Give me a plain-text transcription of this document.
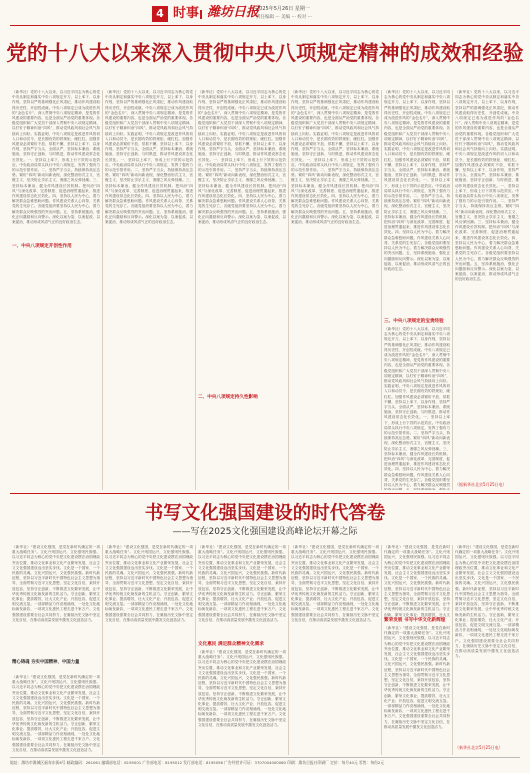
4 时事 潍坊日报
2025年5月26日 星期一
责任编辑 ··· 美编 ··· 校对 ···
党的十八大以来深入贯彻中央八项规定精神的成效和经验
（新华社）党的十八大以来，以习近平同志为核心的党中央从制定和落实中央八项规定开刀，以上率下、以身作则，坚持以严的基调强化正风肃纪，推动作风建设取得历史性、开创性成就。中央八项规定已成为改进作风的“金色名片”，深入贯彻中央八项规定精神，是党的作风建设的重要内容，也是全面从严治党的重要体现。各级党组织和广大党员干部深入贯彻中央八项规定精神，以钉钉子精神纠治“四风”，推动党风政风和社会风气持续向上向好。实践证明，中央八项规定是改进作风的切入口和动员令，是长期有效的铁规矩、硬杠杠。加强作风建设必须紧盯不放、常抓不懈，坚持以上率下、以身作则，坚持严字当头、全面从严，坚持标本兼治、系统施治，坚持守正创新、与时俱进，推动作风建设常态化长效化。一、坚持以上率下，形成上行下效的示范效应。中央政治局带头执行中央八项规定，发挥了强有力的示范引领作用。二、坚持严字当头，持续保持高压态势。紧盯“四风”新动向新表现，深化整治形式主义、官僚主义，坚决防止享乐主义、奢靡之风反弹回潮。三、坚持标本兼治，健全作风建设长效机制。把纠治“四风”与深化改革、完善制度、促进治理贯通起来，推进作风建设常态化长效化。四、坚持以人民为中心，着力解决群众急难愁盼问题。作风建设关系人心向背，关系党的生死存亡。各级党组织要坚持以人民为中心，着力解决群众反映强烈的突出问题。五、坚持系统施治，强化正向激励和反向警示。深化以案为鉴、以案促改、以案促治，推动形成风清气正的良好政治生态。
（新华社）党的十八大以来，以习近平同志为核心的党中央从制定和落实中央八项规定开刀，以上率下、以身作则，坚持以严的基调强化正风肃纪，推动作风建设取得历史性、开创性成就。中央八项规定已成为改进作风的“金色名片”，深入贯彻中央八项规定精神，是党的作风建设的重要内容，也是全面从严治党的重要体现。各级党组织和广大党员干部深入贯彻中央八项规定精神，以钉钉子精神纠治“四风”，推动党风政风和社会风气持续向上向好。实践证明，中央八项规定是改进作风的切入口和动员令，是长期有效的铁规矩、硬杠杠。加强作风建设必须紧盯不放、常抓不懈，坚持以上率下、以身作则，坚持严字当头、全面从严，坚持标本兼治、系统施治，坚持守正创新、与时俱进，推动作风建设常态化长效化。一、坚持以上率下，形成上行下效的示范效应。中央政治局带头执行中央八项规定，发挥了强有力的示范引领作用。二、坚持严字当头，持续保持高压态势。紧盯“四风”新动向新表现，深化整治形式主义、官僚主义，坚决防止享乐主义、奢靡之风反弹回潮。三、坚持标本兼治，健全作风建设长效机制。把纠治“四风”与深化改革、完善制度、促进治理贯通起来，推进作风建设常态化长效化。四、坚持以人民为中心，着力解决群众急难愁盼问题。作风建设关系人心向背，关系党的生死存亡。各级党组织要坚持以人民为中心，着力解决群众反映强烈的突出问题。五、坚持系统施治，强化正向激励和反向警示。深化以案为鉴、以案促改、以案促治，推动形成风清气正的良好政治生态。
（新华社）党的十八大以来，以习近平同志为核心的党中央从制定和落实中央八项规定开刀，以上率下、以身作则，坚持以严的基调强化正风肃纪，推动作风建设取得历史性、开创性成就。中央八项规定已成为改进作风的“金色名片”，深入贯彻中央八项规定精神，是党的作风建设的重要内容，也是全面从严治党的重要体现。各级党组织和广大党员干部深入贯彻中央八项规定精神，以钉钉子精神纠治“四风”，推动党风政风和社会风气持续向上向好。实践证明，中央八项规定是改进作风的切入口和动员令，是长期有效的铁规矩、硬杠杠。加强作风建设必须紧盯不放、常抓不懈，坚持以上率下、以身作则，坚持严字当头、全面从严，坚持标本兼治、系统施治，坚持守正创新、与时俱进，推动作风建设常态化长效化。一、坚持以上率下，形成上行下效的示范效应。中央政治局带头执行中央八项规定，发挥了强有力的示范引领作用。二、坚持严字当头，持续保持高压态势。紧盯“四风”新动向新表现，深化整治形式主义、官僚主义，坚决防止享乐主义、奢靡之风反弹回潮。三、坚持标本兼治，健全作风建设长效机制。把纠治“四风”与深化改革、完善制度、促进治理贯通起来，推进作风建设常态化长效化。四、坚持以人民为中心，着力解决群众急难愁盼问题。作风建设关系人心向背，关系党的生死存亡。各级党组织要坚持以人民为中心，着力解决群众反映强烈的突出问题。五、坚持系统施治，强化正向激励和反向警示。深化以案为鉴、以案促改、以案促治，推动形成风清气正的良好政治生态。
（新华社）党的十八大以来，以习近平同志为核心的党中央从制定和落实中央八项规定开刀，以上率下、以身作则，坚持以严的基调强化正风肃纪，推动作风建设取得历史性、开创性成就。中央八项规定已成为改进作风的“金色名片”，深入贯彻中央八项规定精神，是党的作风建设的重要内容，也是全面从严治党的重要体现。各级党组织和广大党员干部深入贯彻中央八项规定精神，以钉钉子精神纠治“四风”，推动党风政风和社会风气持续向上向好。实践证明，中央八项规定是改进作风的切入口和动员令，是长期有效的铁规矩、硬杠杠。加强作风建设必须紧盯不放、常抓不懈，坚持以上率下、以身作则，坚持严字当头、全面从严，坚持标本兼治、系统施治，坚持守正创新、与时俱进，推动作风建设常态化长效化。一、坚持以上率下，形成上行下效的示范效应。中央政治局带头执行中央八项规定，发挥了强有力的示范引领作用。二、坚持严字当头，持续保持高压态势。紧盯“四风”新动向新表现，深化整治形式主义、官僚主义，坚决防止享乐主义、奢靡之风反弹回潮。三、坚持标本兼治，健全作风建设长效机制。把纠治“四风”与深化改革、完善制度、促进治理贯通起来，推进作风建设常态化长效化。四、坚持以人民为中心，着力解决群众急难愁盼问题。作风建设关系人心向背，关系党的生死存亡。各级党组织要坚持以人民为中心，着力解决群众反映强烈的突出问题。五、坚持系统施治，强化正向激励和反向警示。深化以案为鉴、以案促改、以案促治，推动形成风清气正的良好政治生态。
（新华社）党的十八大以来，以习近平同志为核心的党中央从制定和落实中央八项规定开刀，以上率下、以身作则，坚持以严的基调强化正风肃纪，推动作风建设取得历史性、开创性成就。中央八项规定已成为改进作风的“金色名片”，深入贯彻中央八项规定精神，是党的作风建设的重要内容，也是全面从严治党的重要体现。各级党组织和广大党员干部深入贯彻中央八项规定精神，以钉钉子精神纠治“四风”，推动党风政风和社会风气持续向上向好。实践证明，中央八项规定是改进作风的切入口和动员令，是长期有效的铁规矩、硬杠杠。加强作风建设必须紧盯不放、常抓不懈，坚持以上率下、以身作则，坚持严字当头、全面从严，坚持标本兼治、系统施治，坚持守正创新、与时俱进，推动作风建设常态化长效化。一、坚持以上率下，形成上行下效的示范效应。中央政治局带头执行中央八项规定，发挥了强有力的示范引领作用。二、坚持严字当头，持续保持高压态势。紧盯“四风”新动向新表现，深化整治形式主义、官僚主义，坚决防止享乐主义、奢靡之风反弹回潮。三、坚持标本兼治，健全作风建设长效机制。把纠治“四风”与深化改革、完善制度、促进治理贯通起来，推进作风建设常态化长效化。四、坚持以人民为中心，着力解决群众急难愁盼问题。作风建设关系人心向背，关系党的生死存亡。各级党组织要坚持以人民为中心，着力解决群众反映强烈的突出问题。五、坚持系统施治，强化正向激励和反向警示。深化以案为鉴、以案促改、以案促治，推动形成风清气正的良好政治生态。
三、中央八项规定的宝贵经验
（新华社）党的十八大以来，以习近平同志为核心的党中央从制定和落实中央八项规定开刀，以上率下、以身作则，坚持以严的基调强化正风肃纪，推动作风建设取得历史性、开创性成就。中央八项规定已成为改进作风的“金色名片”，深入贯彻中央八项规定精神，是党的作风建设的重要内容，也是全面从严治党的重要体现。各级党组织和广大党员干部深入贯彻中央八项规定精神，以钉钉子精神纠治“四风”，推动党风政风和社会风气持续向上向好。实践证明，中央八项规定是改进作风的切入口和动员令，是长期有效的铁规矩、硬杠杠。加强作风建设必须紧盯不放、常抓不懈，坚持以上率下、以身作则，坚持严字当头、全面从严，坚持标本兼治、系统施治，坚持守正创新、与时俱进，推动作风建设常态化长效化。一、坚持以上率下，形成上行下效的示范效应。中央政治局带头执行中央八项规定，发挥了强有力的示范引领作用。二、坚持严字当头，持续保持高压态势。紧盯“四风”新动向新表现，深化整治形式主义、官僚主义，坚决防止享乐主义、奢靡之风反弹回潮。三、坚持标本兼治，健全作风建设长效机制。把纠治“四风”与深化改革、完善制度、促进治理贯通起来，推进作风建设常态化长效化。四、坚持以人民为中心，着力解决群众急难愁盼问题。作风建设关系人心向背，关系党的生死存亡。各级党组织要坚持以人民为中心，着力解决群众反映强烈
（新华社）党的十八大以来，以习近平同志为核心的党中央从制定和落实中央八项规定开刀，以上率下、以身作则，坚持以严的基调强化正风肃纪，推动作风建设取得历史性、开创性成就。中央八项规定已成为改进作风的“金色名片”，深入贯彻中央八项规定精神，是党的作风建设的重要内容，也是全面从严治党的重要体现。各级党组织和广大党员干部深入贯彻中央八项规定精神，以钉钉子精神纠治“四风”，推动党风政风和社会风气持续向上向好。实践证明，中央八项规定是改进作风的切入口和动员令，是长期有效的铁规矩、硬杠杠。加强作风建设必须紧盯不放、常抓不懈，坚持以上率下、以身作则，坚持严字当头、全面从严，坚持标本兼治、系统施治，坚持守正创新、与时俱进，推动作风建设常态化长效化。一、坚持以上率下，形成上行下效的示范效应。中央政治局带头执行中央八项规定，发挥了强有力的示范引领作用。二、坚持严字当头，持续保持高压态势。紧盯“四风”新动向新表现，深化整治形式主义、官僚主义，坚决防止享乐主义、奢靡之风反弹回潮。三、坚持标本兼治，健全作风建设长效机制。把纠治“四风”与深化改革、完善制度、促进治理贯通起来，推进作风建设常态化长效化。四、坚持以人民为中心，着力解决群众急难愁盼问题。作风建设关系人心向背，关系党的生死存亡。各级党组织要坚持以人民为中心，着力解决群众反映强烈的突出问题。五、坚持系统施治，强化正向激励和反向警示。深化以案为鉴、以案促改、以案促治，推动形成风清气正的良好政治生态。
二、中央八项规定持久性影响
一、中央八项规定开创性作用
（据新华社北京5月25日电）
书写文化强国建设的时代答卷
——写在2025文化强国建设高峰论坛开幕之际
（新华社）“建设文化强国，是党在新时代确定的一项重大战略任务”。文化兴则国运兴，文化强则民族强。以习近平同志为核心的党中央把文化建设摆在治国理政突出位置，推动文化事业和文化产业繁荣发展，社会主义文化强国建设迈出坚实步伐。文化是一个国家、一个民族的灵魂。文化兴国运兴，文化强民族强。新时代新征程，坚持以习近平新时代中国特色社会主义思想为指导，全面贯彻习近平文化思想，坚定文化自信，秉持开放包容，坚持守正创新，不断推进文化繁荣发展，让中华优秀传统文化焕发新的生机活力。守正创新，繁荣文化事业；提质增效，壮大文化产业；开放包容，促进文明交流互鉴。一部部精品力作竞相涌现，一处处文化地标焕发新彩，一项项文化惠民工程走进千家万户。文化强国建设需要全社会共同努力，在赓续历史文脉中坚定文化自信，在推动高质量发展中激发文化创造活力。
精心铸魂 夯实中国精神、中国力量
（新华社）“建设文化强国，是党在新时代确定的一项重大战略任务”。文化兴则国运兴，文化强则民族强。以习近平同志为核心的党中央把文化建设摆在治国理政突出位置，推动文化事业和文化产业繁荣发展，社会主义文化强国建设迈出坚实步伐。文化是一个国家、一个民族的灵魂。文化兴国运兴，文化强民族强。新时代新征程，坚持以习近平新时代中国特色社会主义思想为指导，全面贯彻习近平文化思想，坚定文化自信，秉持开放包容，坚持守正创新，不断推进文化繁荣发展，让中华优秀传统文化焕发新的生机活力。守正创新，繁荣文化事业；提质增效，壮大文化产业；开放包容，促进文明交流互鉴。一部部精品力作竞相涌现，一处处文化地标焕发新彩，一项项文化惠民工程走进千家万户。文化强国建设需要全社会共同努力，在赓续历史文脉中坚定文化自信，在推动高质量发展中激发文化创造活力。
（新华社）“建设文化强国，是党在新时代确定的一项重大战略任务”。文化兴则国运兴，文化强则民族强。以习近平同志为核心的党中央把文化建设摆在治国理政突出位置，推动文化事业和文化产业繁荣发展，社会主义文化强国建设迈出坚实步伐。文化是一个国家、一个民族的灵魂。文化兴国运兴，文化强民族强。新时代新征程，坚持以习近平新时代中国特色社会主义思想为指导，全面贯彻习近平文化思想，坚定文化自信，秉持开放包容，坚持守正创新，不断推进文化繁荣发展，让中华优秀传统文化焕发新的生机活力。守正创新，繁荣文化事业；提质增效，壮大文化产业；开放包容，促进文明交流互鉴。一部部精品力作竞相涌现，一处处文化地标焕发新彩，一项项文化惠民工程走进千家万户。文化强国建设需要全社会共同努力，在赓续历史文脉中坚定文化自信，在推动高质量发展中激发文化创造活力。
（新华社）“建设文化强国，是党在新时代确定的一项重大战略任务”。文化兴则国运兴，文化强则民族强。以习近平同志为核心的党中央把文化建设摆在治国理政突出位置，推动文化事业和文化产业繁荣发展，社会主义文化强国建设迈出坚实步伐。文化是一个国家、一个民族的灵魂。文化兴国运兴，文化强民族强。新时代新征程，坚持以习近平新时代中国特色社会主义思想为指导，全面贯彻习近平文化思想，坚定文化自信，秉持开放包容，坚持守正创新，不断推进文化繁荣发展，让中华优秀传统文化焕发新的生机活力。守正创新，繁荣文化事业；提质增效，壮大文化产业；开放包容，促进文明交流互鉴。一部部精品力作竞相涌现，一处处文化地标焕发新彩，一项项文化惠民工程走进千家万户。文化强国建设需要全社会共同努力，在赓续历史文脉中坚定文化自信，在推动高质量发展中激发文化创造活力。
文化惠民 满足群众精神文化需求
（新华社）“建设文化强国，是党在新时代确定的一项重大战略任务”。文化兴则国运兴，文化强则民族强。以习近平同志为核心的党中央把文化建设摆在治国理政突出位置，推动文化事业和文化产业繁荣发展，社会主义文化强国建设迈出坚实步伐。文化是一个国家、一个民族的灵魂。文化兴国运兴，文化强民族强。新时代新征程，坚持以习近平新时代中国特色社会主义思想为指导，全面贯彻习近平文化思想，坚定文化自信，秉持开放包容，坚持守正创新，不断推进文化繁荣发展，让中华优秀传统文化焕发新的生机活力。守正创新，繁荣文化事业；提质增效，壮大文化产业；开放包容，促进文明交流互鉴。一部部精品力作竞相涌现，一处处文化地标焕发新彩，一项项文化惠民工程走进千家万户。文化强国建设需要全社会共同努力，在赓续历史文脉中坚定文化自信，在推动高质量发展中激发文化创造活力。
（新华社）“建设文化强国，是党在新时代确定的一项重大战略任务”。文化兴则国运兴，文化强则民族强。以习近平同志为核心的党中央把文化建设摆在治国理政突出位置，推动文化事业和文化产业繁荣发展，社会主义文化强国建设迈出坚实步伐。文化是一个国家、一个民族的灵魂。文化兴国运兴，文化强民族强。新时代新征程，坚持以习近平新时代中国特色社会主义思想为指导，全面贯彻习近平文化思想，坚定文化自信，秉持开放包容，坚持守正创新，不断推进文化繁荣发展，让中华优秀传统文化焕发新的生机活力。守正创新，繁荣文化事业；提质增效，壮大文化产业；开放包容，促进文明交流互鉴。一部部精品力作竞相涌现，一处处文化地标焕发新彩，一项项文化惠民工程走进千家万户。文化强国建设需要全社会共同努力，在赓续历史文脉中坚定文化自信，在推动高质量发展中激发文化创造活力。
（新华社）“建设文化强国，是党在新时代确定的一项重大战略任务”。文化兴则国运兴，文化强则民族强。以习近平同志为核心的党中央把文化建设摆在治国理政突出位置，推动文化事业和文化产业繁荣发展，社会主义文化强国建设迈出坚实步伐。文化是一个国家、一个民族的灵魂。文化兴国运兴，文化强民族强。新时代新征程，坚持以习近平新时代中国特色社会主义思想为指导，全面贯彻习近平文化思想，坚定文化自信，秉持开放包容，坚持守正创新，不断推进文化繁荣发展，让中华优秀传统文化焕发新的生机活力。守正创新，繁荣文化事业；提质增效，壮大文
繁荣发展 书写中华文化新辉煌
（新华社）“建设文化强国，是党在新时代确定的一项重大战略任务”。文化兴则国运兴，文化强则民族强。以习近平同志为核心的党中央把文化建设摆在治国理政突出位置，推动文化事业和文化产业繁荣发展，社会主义文化强国建设迈出坚实步伐。文化是一个国家、一个民族的灵魂。文化兴国运兴，文化强民族强。新时代新征程，坚持以习近平新时代中国特色社会主义思想为指导，全面贯彻习近平文化思想，坚定文化自信，秉持开放包容，坚持守正创新，不断推进文化繁荣发展，让中华优秀传统文化焕发新的生机活力。守正创新，繁荣文化事业；提质增效，壮大文化产业；开放包容，促进文明交流互鉴。一部部精品力作竞相涌现，一处处文化地标焕发新彩，一项项文化惠民工程走进千家万户。文化强国建设需要全社会共同努力，在赓续历史文脉中坚定文化自信，在推动高质量发展中激发文化创造活力。
（新华社）“建设文化强国，是党在新时代确定的一项重大战略任务”。文化兴则国运兴，文化强则民族强。以习近平同志为核心的党中央把文化建设摆在治国理政突出位置，推动文化事业和文化产业繁荣发展，社会主义文化强国建设迈出坚实步伐。文化是一个国家、一个民族的灵魂。文化兴国运兴，文化强民族强。新时代新征程，坚持以习近平新时代中国特色社会主义思想为指导，全面贯彻习近平文化思想，坚定文化自信，秉持开放包容，坚持守正创新，不断推进文化繁荣发展，让中华优秀传统文化焕发新的生机活力。守正创新，繁荣文化事业；提质增效，壮大文化产业；开放包容，促进文明交流互鉴。一部部精品力作竞相涌现，一处处文化地标焕发新彩，一项项文化惠民工程走进千家万户。文化强国建设需要全社会共同努力，在赓续历史文脉中坚定文化自信，在推动高质量发展中激发文化创造活力。
（新华社北京5月25日电）
地址：潍坊市潍城区福寿东街6号 邮政编码：261061 编辑部电话：8195001 广告部电话：8195012 发行部电话：8195056 广告经营许可证：3707004000060 印刷：潍坊日报社印刷厂 定价：每月40元 零售：每份2元
